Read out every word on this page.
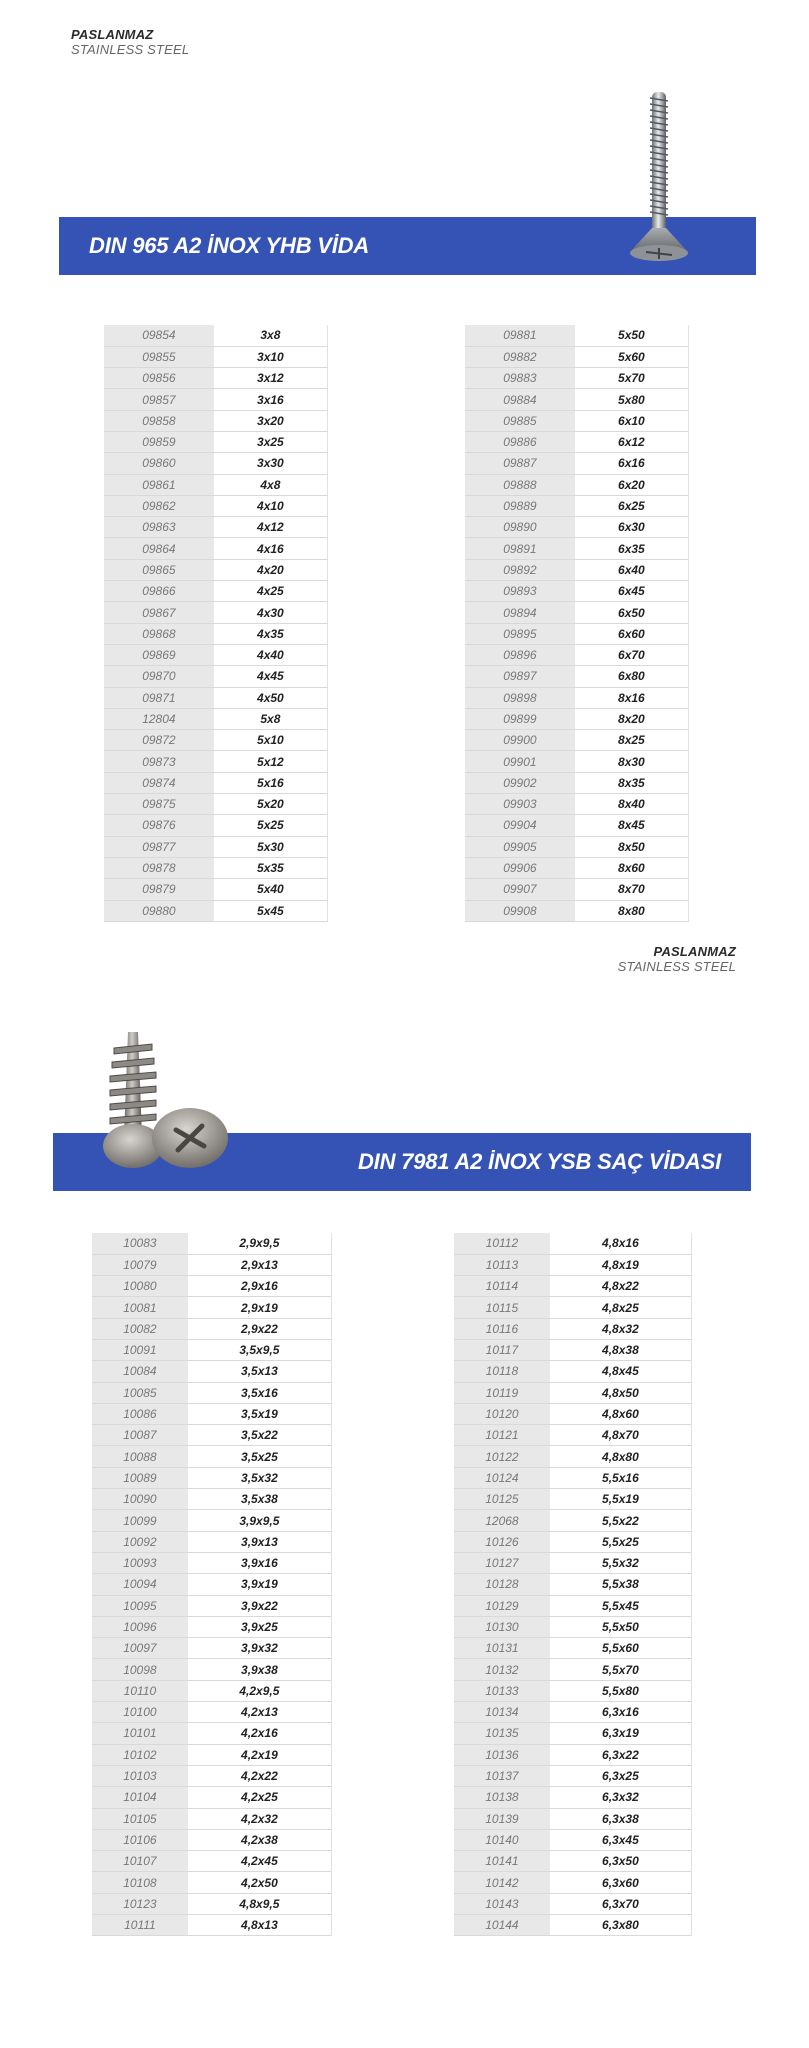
PASLANMAZ
STAINLESS STEEL
DIN 965 A2 İNOX YHB VİDA
09854	3x8
09855	3x10
09856	3x12
09857	3x16
09858	3x20
09859	3x25
09860	3x30
09861	4x8
09862	4x10
09863	4x12
09864	4x16
09865	4x20
09866	4x25
09867	4x30
09868	4x35
09869	4x40
09870	4x45
09871	4x50
12804	5x8
09872	5x10
09873	5x12
09874	5x16
09875	5x20
09876	5x25
09877	5x30
09878	5x35
09879	5x40
09880	5x45
09881	5x50
09882	5x60
09883	5x70
09884	5x80
09885	6x10
09886	6x12
09887	6x16
09888	6x20
09889	6x25
09890	6x30
09891	6x35
09892	6x40
09893	6x45
09894	6x50
09895	6x60
09896	6x70
09897	6x80
09898	8x16
09899	8x20
09900	8x25
09901	8x30
09902	8x35
09903	8x40
09904	8x45
09905	8x50
09906	8x60
09907	8x70
09908	8x80
PASLANMAZ
STAINLESS STEEL
DIN 7981 A2 İNOX YSB SAÇ VİDASI
10083	2,9x9,5
10079	2,9x13
10080	2,9x16
10081	2,9x19
10082	2,9x22
10091	3,5x9,5
10084	3,5x13
10085	3,5x16
10086	3,5x19
10087	3,5x22
10088	3,5x25
10089	3,5x32
10090	3,5x38
10099	3,9x9,5
10092	3,9x13
10093	3,9x16
10094	3,9x19
10095	3,9x22
10096	3,9x25
10097	3,9x32
10098	3,9x38
10110	4,2x9,5
10100	4,2x13
10101	4,2x16
10102	4,2x19
10103	4,2x22
10104	4,2x25
10105	4,2x32
10106	4,2x38
10107	4,2x45
10108	4,2x50
10123	4,8x9,5
10111	4,8x13
10112	4,8x16
10113	4,8x19
10114	4,8x22
10115	4,8x25
10116	4,8x32
10117	4,8x38
10118	4,8x45
10119	4,8x50
10120	4,8x60
10121	4,8x70
10122	4,8x80
10124	5,5x16
10125	5,5x19
12068	5,5x22
10126	5,5x25
10127	5,5x32
10128	5,5x38
10129	5,5x45
10130	5,5x50
10131	5,5x60
10132	5,5x70
10133	5,5x80
10134	6,3x16
10135	6,3x19
10136	6,3x22
10137	6,3x25
10138	6,3x32
10139	6,3x38
10140	6,3x45
10141	6,3x50
10142	6,3x60
10143	6,3x70
10144	6,3x80
